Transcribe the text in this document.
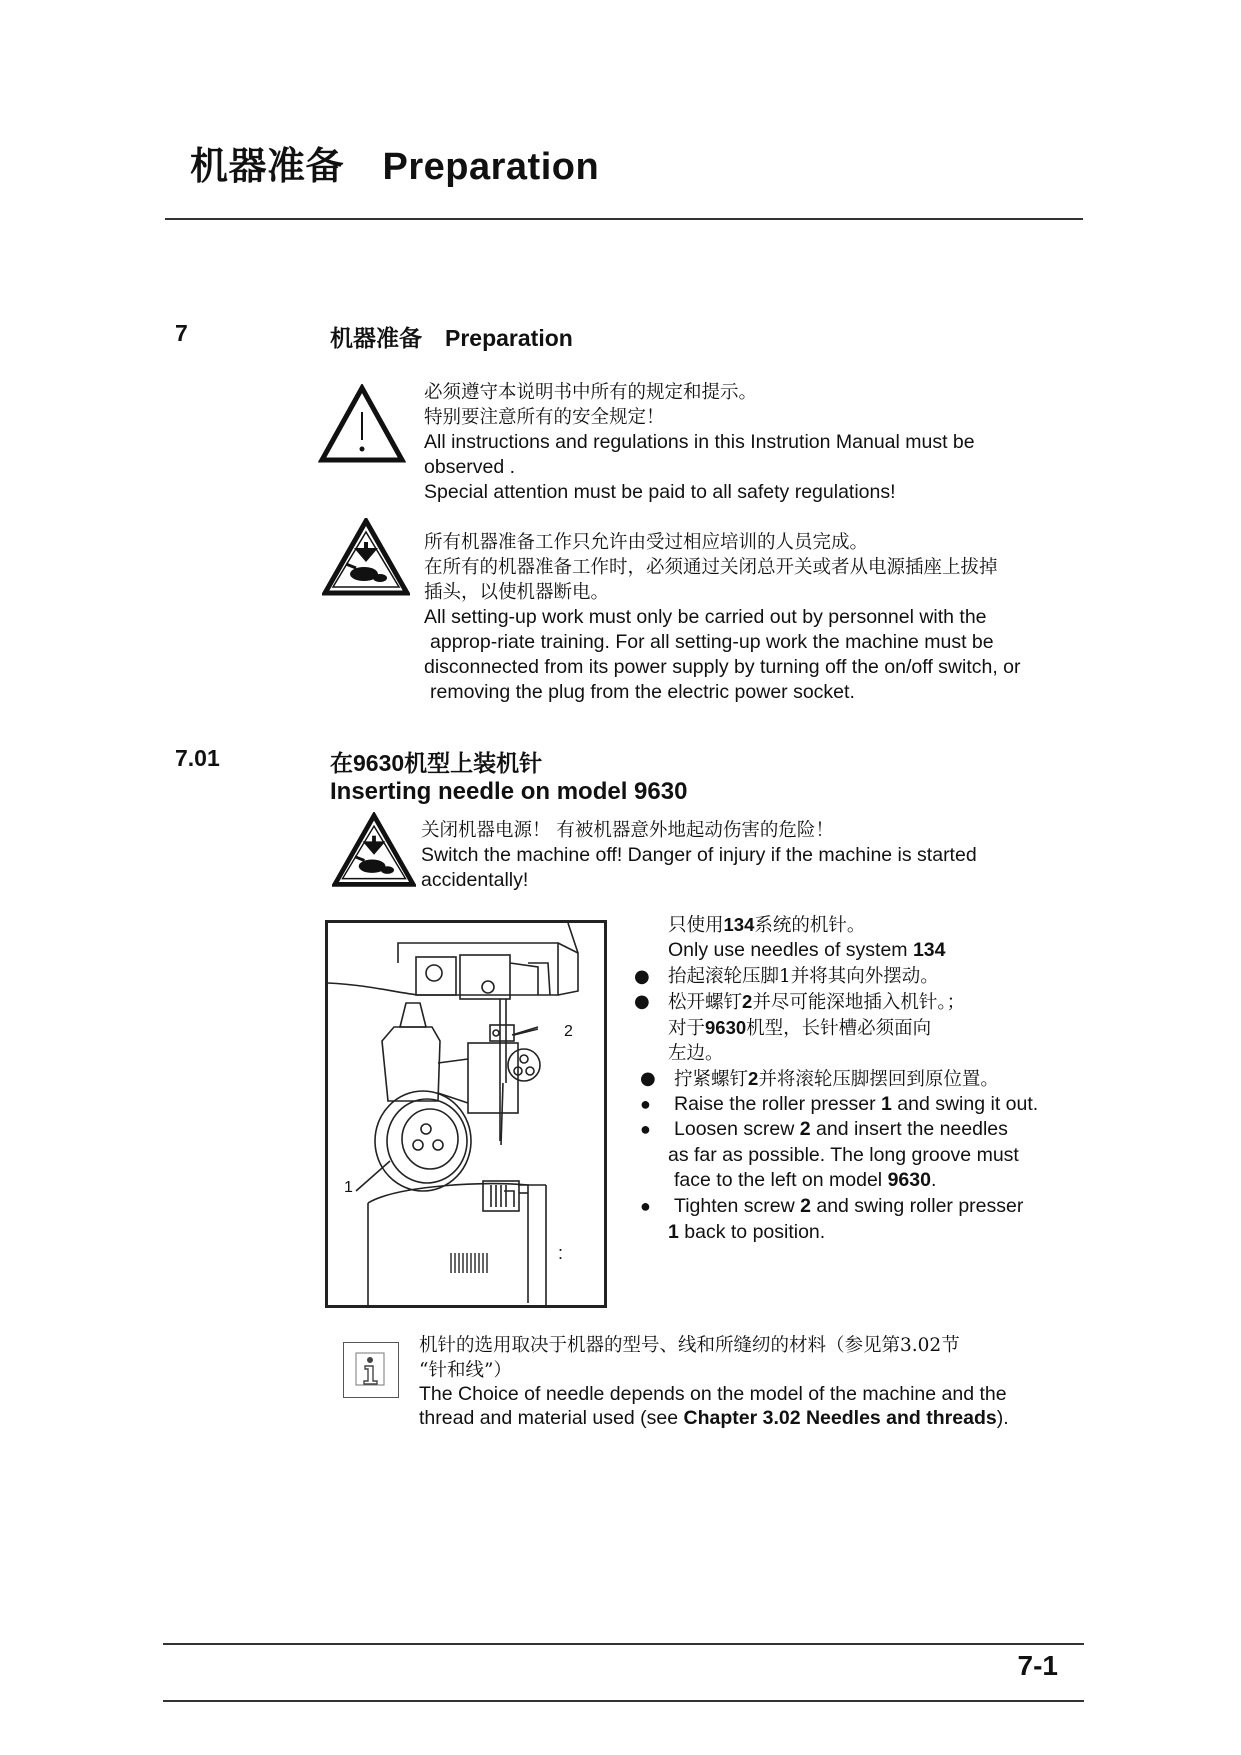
机器准备　Preparation
7	机器准备　Preparation
必须遵守本说明书中所有的规定和提示。
特别要注意所有的安全规定！
All instructions and regulations in this Instrution Manual must be
observed .
Special attention must be paid to all safety regulations!
所有机器准备工作只允许由受过相应培训的人员完成。
在所有的机器准备工作时，必须通过关闭总开关或者从电源插座上拔掉
插头，以使机器断电。
All setting-up work must only be carried out by personnel with the
approp-riate training. For all setting-up work the machine must be
disconnected from its power supply by turning off the on/off switch, or
removing the plug from the electric power socket.
7.01	在9630机型上装机针
Inserting needle on model 9630
关闭机器电源！ 有被机器意外地起动伤害的危险！
Switch the machine off! Danger of injury if the machine is started
accidentally!
1
2
:
只使用134系统的机针。
Only use needles of system 134
● 抬起滚轮压脚1并将其向外摆动。
● 松开螺钉2并尽可能深地插入机针。；
对于9630机型，长针槽必须面向
左边。
● 拧紧螺钉2并将滚轮压脚摆回到原位置。
● Raise the roller presser 1 and swing it out.
● Loosen screw 2 and insert the needles
as far as possible. The long groove must
face to the left on model 9630.
● Tighten screw 2 and swing roller presser
1 back to position.
机针的选用取决于机器的型号、线和所缝纫的材料（参见第3.02节
“针和线”）
The Choice of needle depends on the model of the machine and the
thread and material used (see Chapter 3.02 Needles and threads).
7-1
